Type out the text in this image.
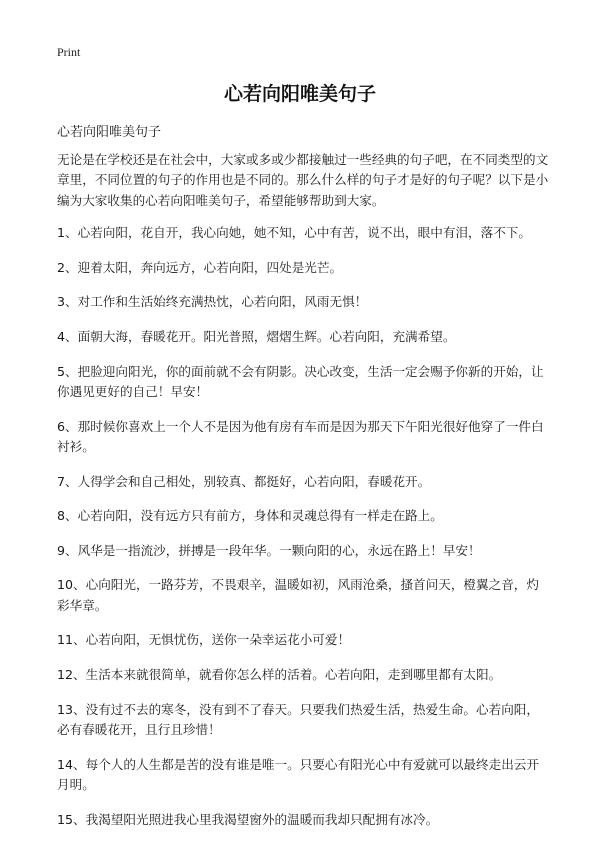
Print
心若向阳唯美句子
心若向阳唯美句子

无论是在学校还是在社会中，大家或多或少都接触过一些经典的句子吧，在不同类型的文章里，不同位置的句子的作用也是不同的。那么什么样的句子才是好的句子呢？以下是小编为大家收集的心若向阳唯美句子，希望能够帮助到大家。

1、心若向阳，花自开，我心向她，她不知，心中有苦，说不出，眼中有泪，落不下。

2、迎着太阳，奔向远方，心若向阳，四处是光芒。

3、对工作和生活始终充满热忱，心若向阳，风雨无惧！

4、面朝大海，春暖花开。阳光普照，熠熠生辉。心若向阳，充满希望。

5、把脸迎向阳光，你的面前就不会有阴影。决心改变，生活一定会赐予你新的开始，让你遇见更好的自己！早安！

6、那时候你喜欢上一个人不是因为他有房有车而是因为那天下午阳光很好他穿了一件白衬衫。

7、人得学会和自己相处，别较真、都挺好，心若向阳，春暖花开。

8、心若向阳，没有远方只有前方，身体和灵魂总得有一样走在路上。

9、风华是一指流沙，拼搏是一段年华。一颗向阳的心，永远在路上！早安！

10、心向阳光，一路芬芳，不畏艰辛，温暖如初，风雨沧桑，搔首问天，橙翼之音，灼彩华章。

11、心若向阳，无惧忧伤，送你一朵幸运花小可爱！

12、生活本来就很简单，就看你怎么样的活着。心若向阳，走到哪里都有太阳。

13、没有过不去的寒冬，没有到不了春天。只要我们热爱生活，热爱生命。心若向阳，必有春暖花开，且行且珍惜！

14、每个人的人生都是苦的没有谁是唯一。只要心有阳光心中有爱就可以最终走出云开月明。

15、我渴望阳光照进我心里我渴望窗外的温暖而我却只配拥有冰冷。
